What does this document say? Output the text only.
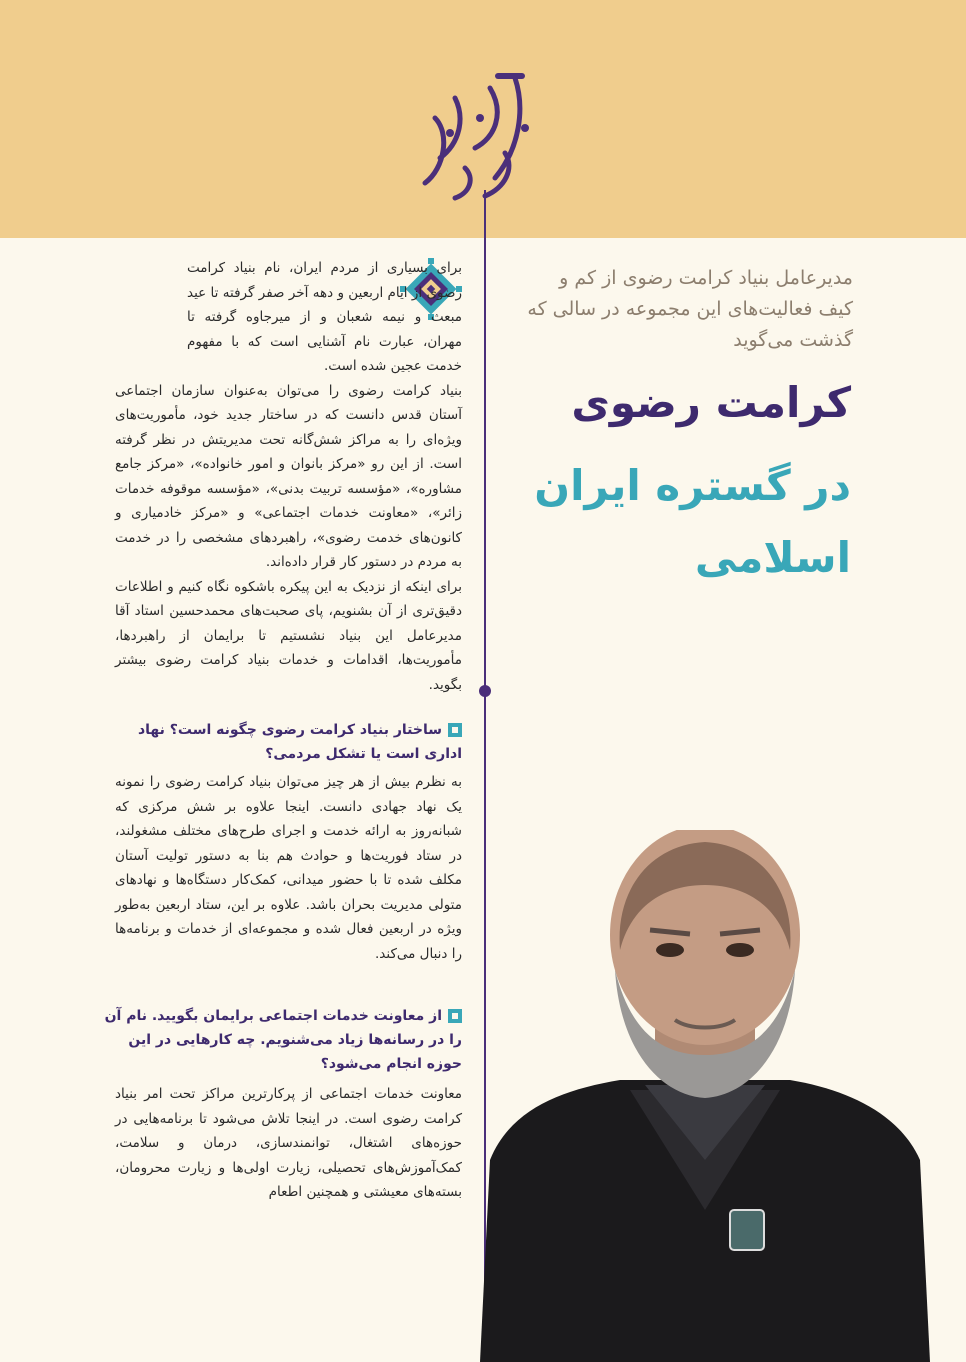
مدیرعامل بنیاد کرامت رضوی از کم و کیف فعالیت‌های این مجموعه در سالی که گذشت می‌گوید
کرامت رضوی
در گستره ایران اسلامی
برای بسیاری از مردم ایران، نام بنیاد کرامت رضوی از ایام اربعین و دهه آخر صفر گرفته تا عید مبعث و نیمه شعبان و از میرجاوه گرفته تا مهران، عبارت نام آشنایی است که با مفهوم خدمت عجین شده است.
بنیاد کرامت رضوی را می‌توان به‌عنوان سازمان اجتماعی آستان قدس دانست که در ساختار جدید خود، مأموریت‌های ویژه‌ای را به مراکز شش‌گانه تحت مدیریتش در نظر گرفته است. از این رو «مرکز بانوان و امور خانواده»، «مرکز جامع مشاوره»، «مؤسسه تربیت بدنی»، «مؤسسه موقوفه خدمات زائر»، «معاونت خدمات اجتماعی» و «مرکز خادمیاری و کانون‌های خدمت رضوی»، راهبردهای مشخصی را در خدمت به مردم در دستور کار قرار داده‌اند.
برای اینکه از نزدیک به این پیکره باشکوه نگاه کنیم و اطلاعات دقیق‌تری از آن بشنویم، پای صحبت‌های محمدحسین استاد آقا مدیرعامل این بنیاد نشستیم تا برایمان از راهبردها، مأموریت‌ها، اقدامات و خدمات بنیاد کرامت رضوی بیشتر بگوید.
ساختار بنیاد کرامت رضوی چگونه است؟ نهاد اداری است یا تشکل مردمی؟
به نظرم بیش از هر چیز می‌توان بنیاد کرامت رضوی را نمونه یک نهاد جهادی دانست. اینجا علاوه بر شش مرکزی که شبانه‌روز به ارائه خدمت و اجرای طرح‌های مختلف مشغولند، در ستاد فوریت‌ها و حوادث هم بنا به دستور تولیت آستان مکلف شده تا با حضور میدانی، کمک‌کار دستگاه‌ها و نهادهای متولی مدیریت بحران باشد. علاوه بر این، ستاد اربعین به‌طور ویژه در اربعین فعال شده و مجموعه‌ای از خدمات و برنامه‌ها را دنبال می‌کند.
از معاونت خدمات اجتماعی برایمان بگویید. نام آن را در رسانه‌ها زیاد می‌شنویم. چه کارهایی در این حوزه انجام می‌شود؟
معاونت خدمات اجتماعی از پرکارترین مراکز تحت امر بنیاد کرامت رضوی است. در اینجا تلاش می‌شود تا برنامه‌هایی در حوزه‌های اشتغال، توانمندسازی، درمان و سلامت، کمک‌آموزش‌های تحصیلی، زیارت اولی‌ها و زیارت محرومان، بسته‌های معیشتی و همچنین اطعام
